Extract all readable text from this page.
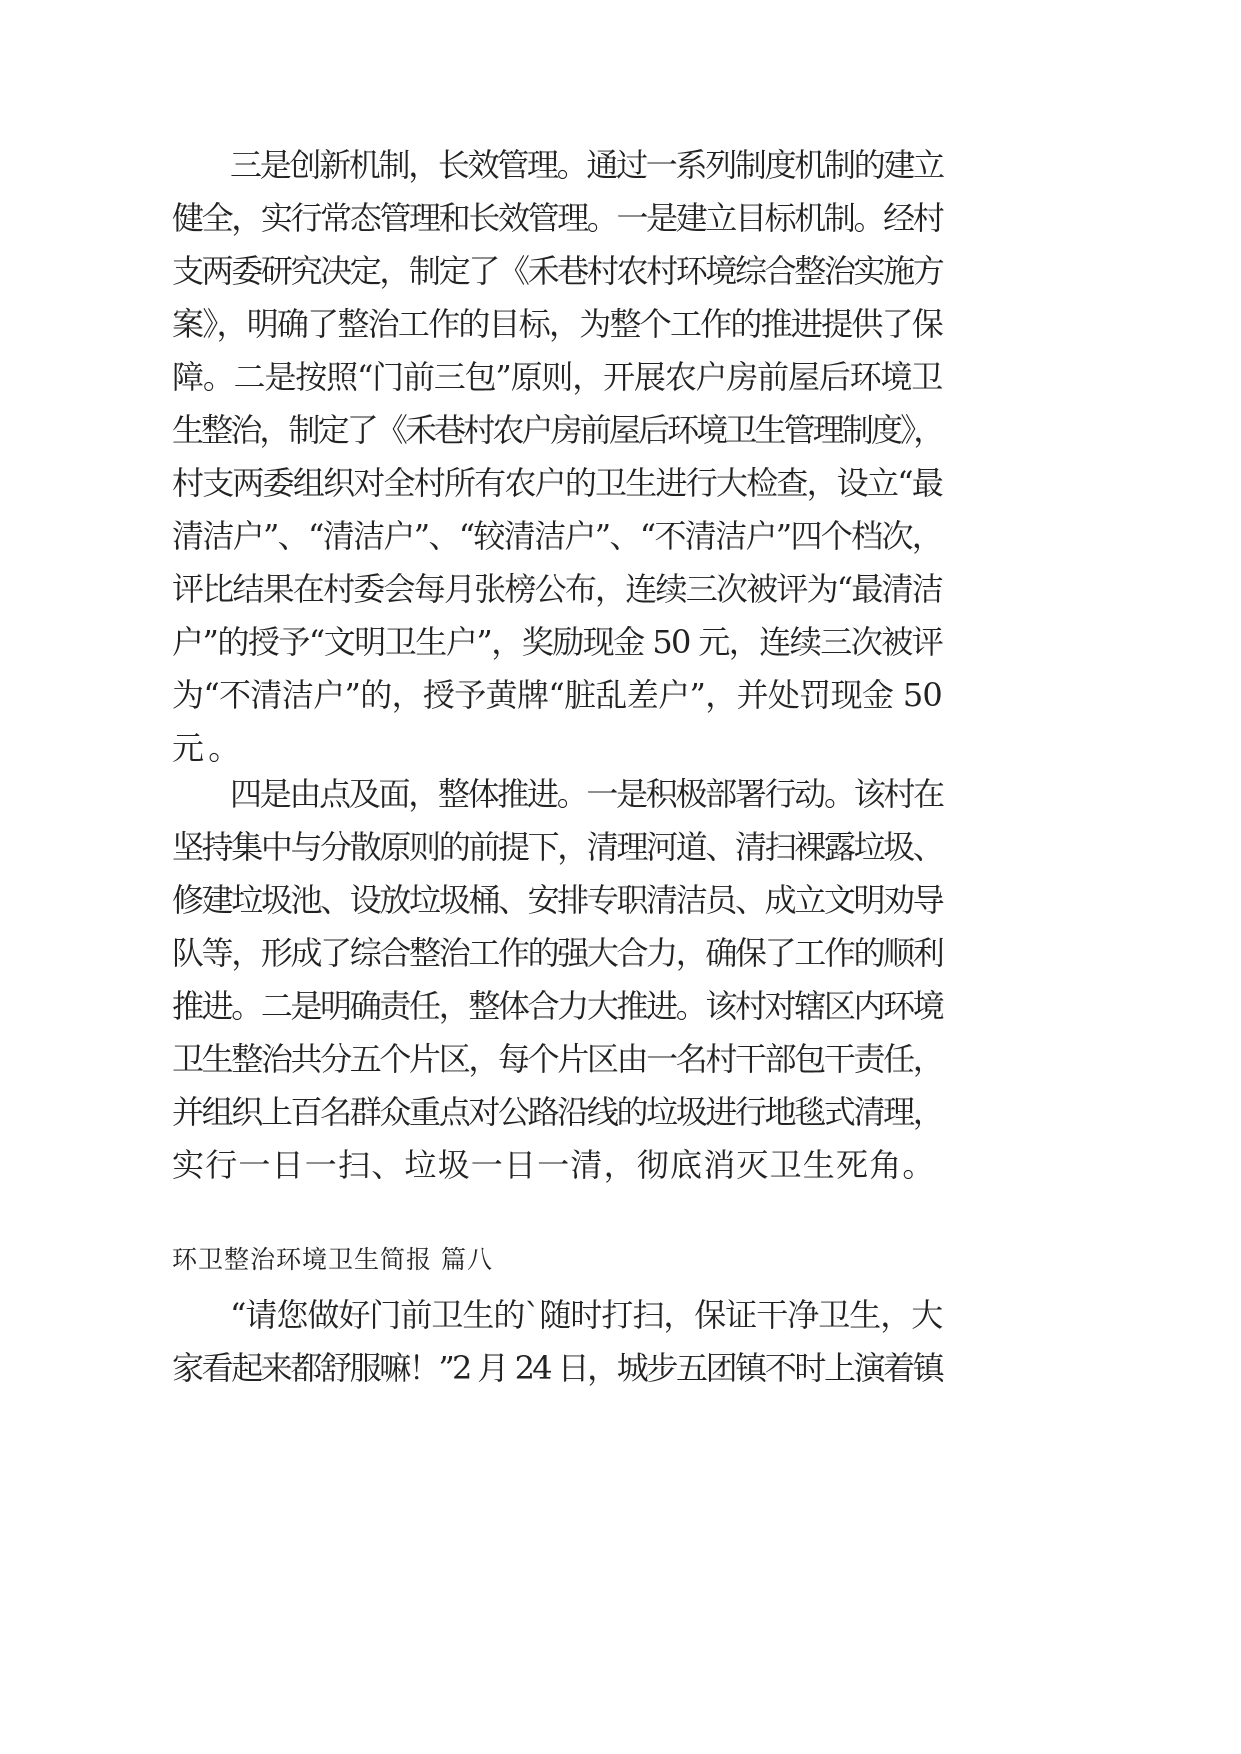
三是创新机制，长效管理。通过一系列制度机制的建立
健全，实行常态管理和长效管理。一是建立目标机制。经村
支两委研究决定，制定了《禾巷村农村环境综合整治实施方
案》，明确了整治工作的目标，为整个工作的推进提供了保
障。二是按照“门前三包”原则，开展农户房前屋后环境卫
生整治，制定了《禾巷村农户房前屋后环境卫生管理制度》，
村支两委组织对全村所有农户的卫生进行大检查，设立“最
清洁户”、“清洁户”、“较清洁户”、“不清洁户”四个档次，
评比结果在村委会每月张榜公布，连续三次被评为“最清洁
户”的授予“文明卫生户”，奖励现金 50 元，连续三次被评
为“不清洁户”的，授予黄牌“脏乱差户”，并处罚现金 50
元。
四是由点及面，整体推进。一是积极部署行动。该村在
坚持集中与分散原则的前提下，清理河道、清扫裸露垃圾、
修建垃圾池、设放垃圾桶、安排专职清洁员、成立文明劝导
队等，形成了综合整治工作的强大合力，确保了工作的顺利
推进。二是明确责任，整体合力大推进。该村对辖区内环境
卫生整治共分五个片区，每个片区由一名村干部包干责任，
并组织上百名群众重点对公路沿线的垃圾进行地毯式清理，
实行一日一扫、垃圾一日一清，彻底消灭卫生死角。
环卫整治环境卫生简报 篇八
“请您做好门前卫生的`随时打扫，保证干净卫生，大
家看起来都舒服嘛！”2 月 24 日，城步五团镇不时上演着镇
